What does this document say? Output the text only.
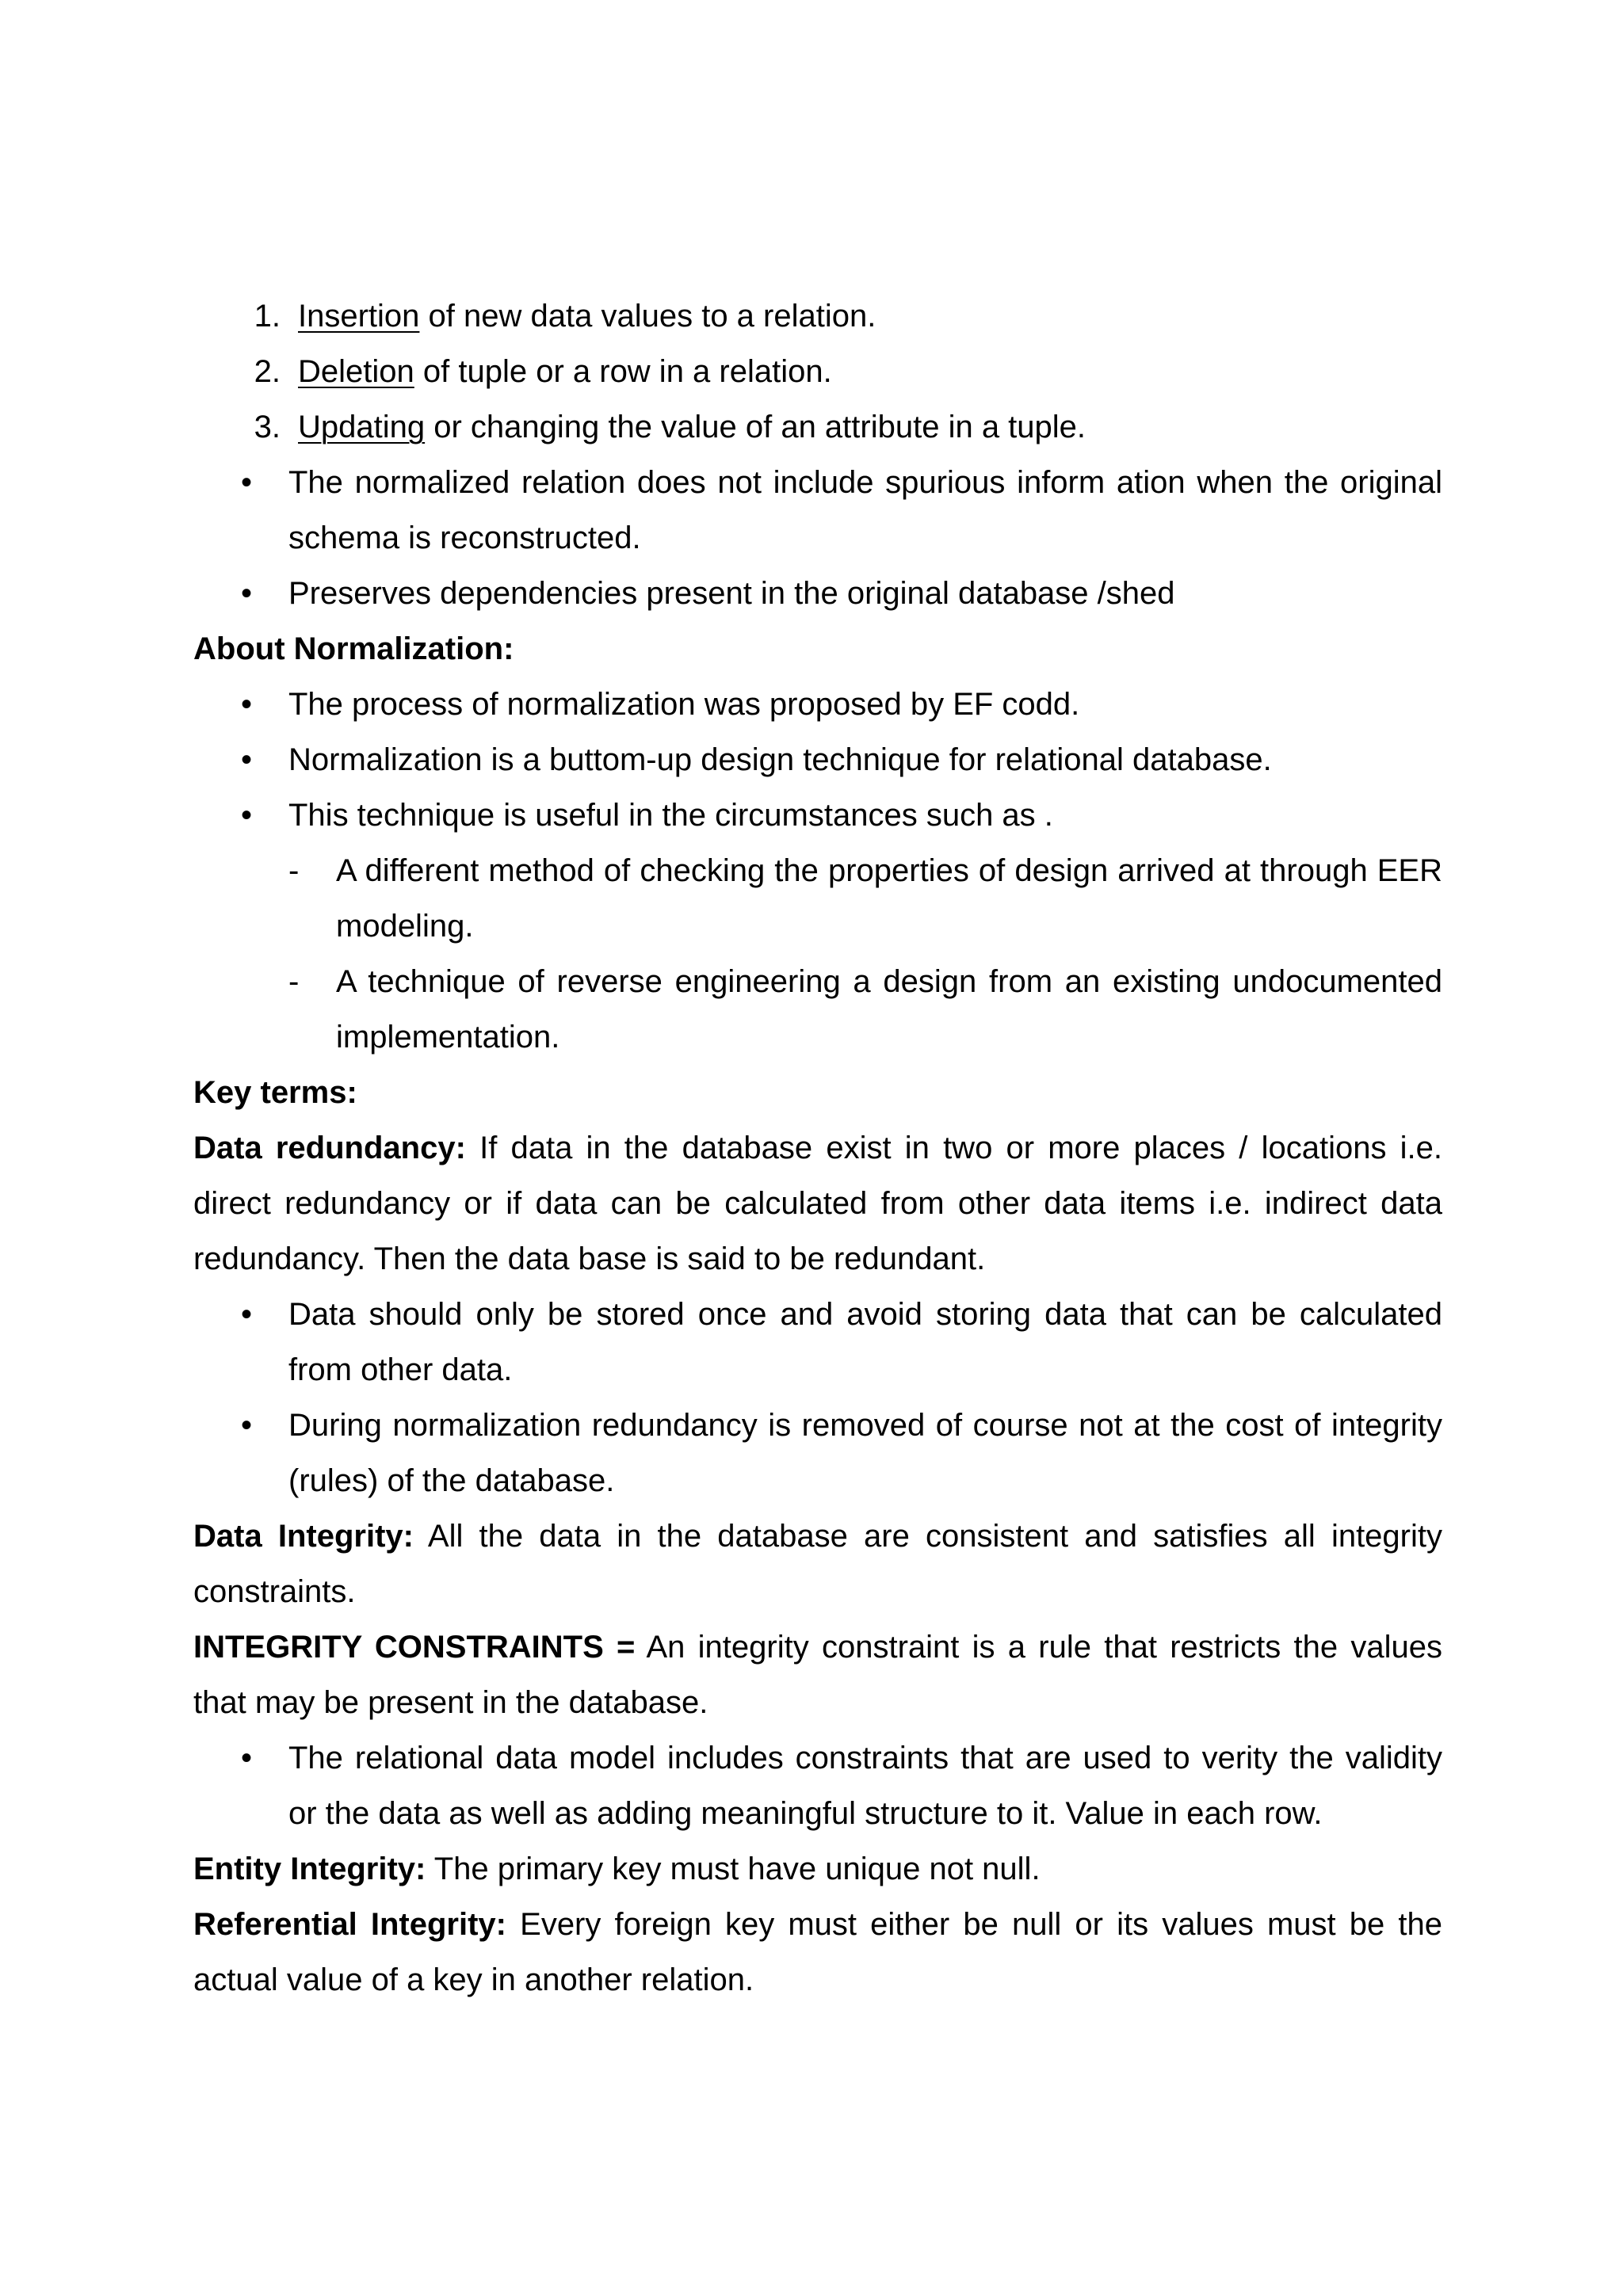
1. Insertion of new data values to a relation.
2. Deletion of tuple or a row in a relation.
3. Updating or changing the value of an attribute in a tuple.
• The normalized relation does not include spurious inform ation when the original schema is reconstructed.
• Preserves dependencies present in the original database /shed
About Normalization:
• The process of normalization was proposed by EF codd.
• Normalization is a buttom-up design technique for relational database.
• This technique is useful in the circumstances such as .
- A different method of checking the properties of design arrived at through EER modeling.
- A technique of reverse engineering a design from an existing undocumented implementation.
Key terms:
Data redundancy: If data in the database exist in two or more places / locations i.e. direct redundancy or if data can be calculated from other data items i.e. indirect data redundancy. Then the data base is said to be redundant.
• Data should only be stored once and avoid storing data that can be calculated from other data.
• During normalization redundancy is removed of course not at the cost of integrity (rules) of the database.
Data Integrity: All the data in the database are consistent and satisfies all integrity constraints.
INTEGRITY CONSTRAINTS = An integrity constraint is a rule that restricts the values that may be present in the database.
• The relational data model includes constraints that are used to verity the validity or the data as well as adding meaningful structure to it. Value in each row.
Entity Integrity: The primary key must have unique not null.
Referential Integrity: Every foreign key must either be null or its values must be the actual value of a key in another relation.
